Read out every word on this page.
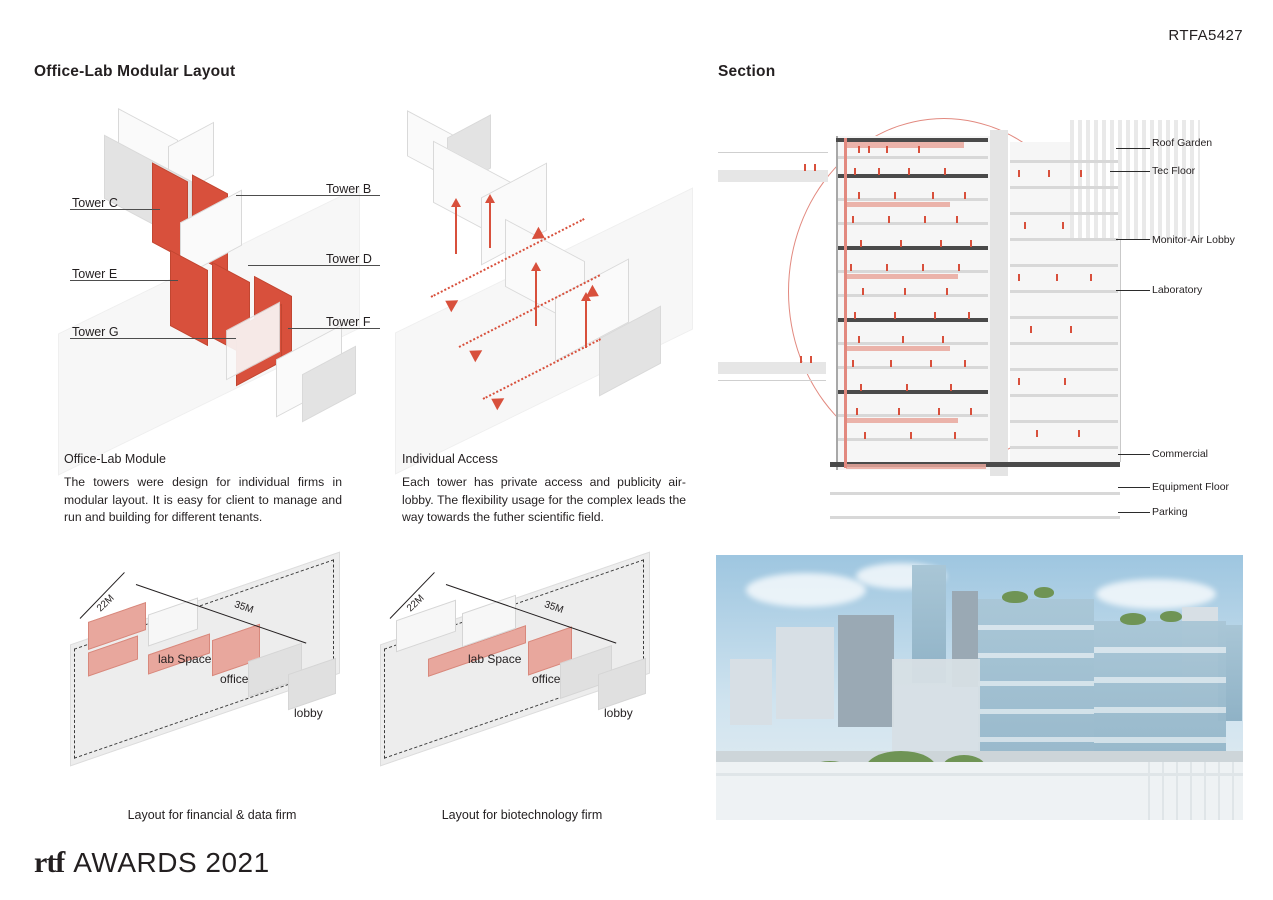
RTFA5427
Office-Lab Modular Layout	Section
Tower B
Tower D
Tower F
Tower C
Tower E
Tower G
Office-Lab Module
The towers were design for individual firms in modular layout. It is easy for client to manage and run and building for different tenants.
Individual Access
Each tower has private access and publicity air-lobby. The flexibility usage for the complex leads the way towards the futher scientific field.
Roof Garden
Tec Floor
Monitor-Air Lobby
Laboratory
Commercial
Equipment Floor
Parking
22M	35M
lab Space
office
lobby
Layout for financial & data firm
22M	35M
lab Space
office
lobby
Layout for biotechnology firm
rtf AWARDS 2021
